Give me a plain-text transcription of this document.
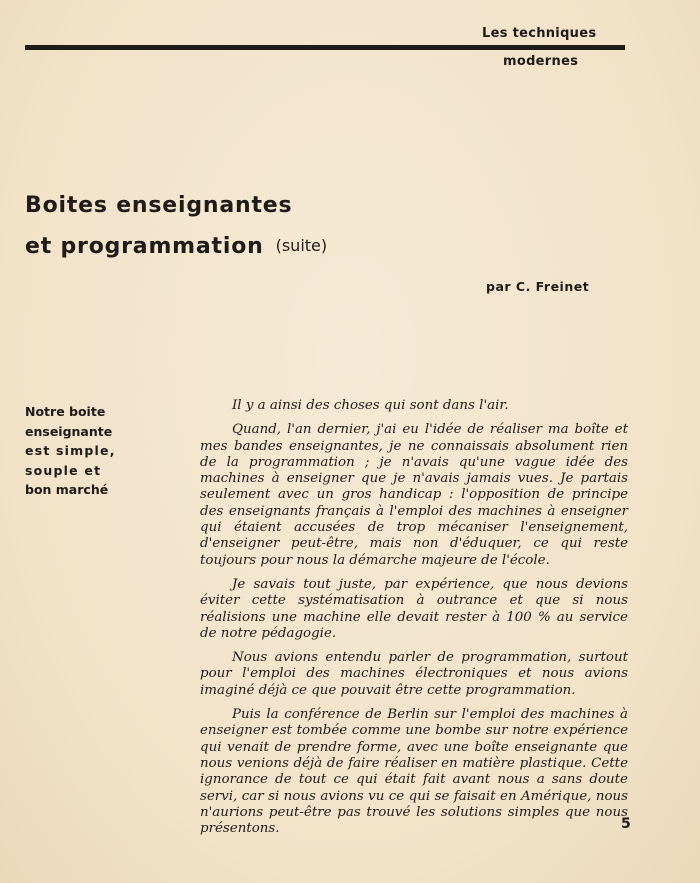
Les techniques
modernes
Boites enseignantes
et programmation (suite)
par C. Freinet
Notre boite
enseignante
est simple,
souple et
bon marché

Il y a ainsi des choses qui sont dans l'air.

Quand, l'an dernier, j'ai eu l'idée de réaliser ma boîte et mes bandes enseignantes, je ne connaissais absolument rien de la programmation ; je n'avais qu'une vague idée des machines à enseigner que je n'avais jamais vues. Je partais seulement avec un gros handicap : l'opposition de principe des enseignants français à l'emploi des machines à enseigner qui étaient accusées de trop mécaniser l'enseignement, d'enseigner peut-être, mais non d'éduquer, ce qui reste toujours pour nous la démarche majeure de l'école.

Je savais tout juste, par expérience, que nous devions éviter cette systématisation à outrance et que si nous réalisions une machine elle devait rester à 100 % au service de notre pédagogie.

Nous avions entendu parler de programmation, surtout pour l'emploi des machines électroniques et nous avions imaginé déjà ce que pouvait être cette programmation.

Puis la conférence de Berlin sur l'emploi des machines à enseigner est tombée comme une bombe sur notre expérience qui venait de prendre forme, avec une boîte enseignante que nous venions déjà de faire réaliser en matière plastique. Cette ignorance de tout ce qui était fait avant nous a sans doute servi, car si nous avions vu ce qui se faisait en Amérique, nous n'aurions peut-être pas trouvé les solutions simples que nous présentons.	5
